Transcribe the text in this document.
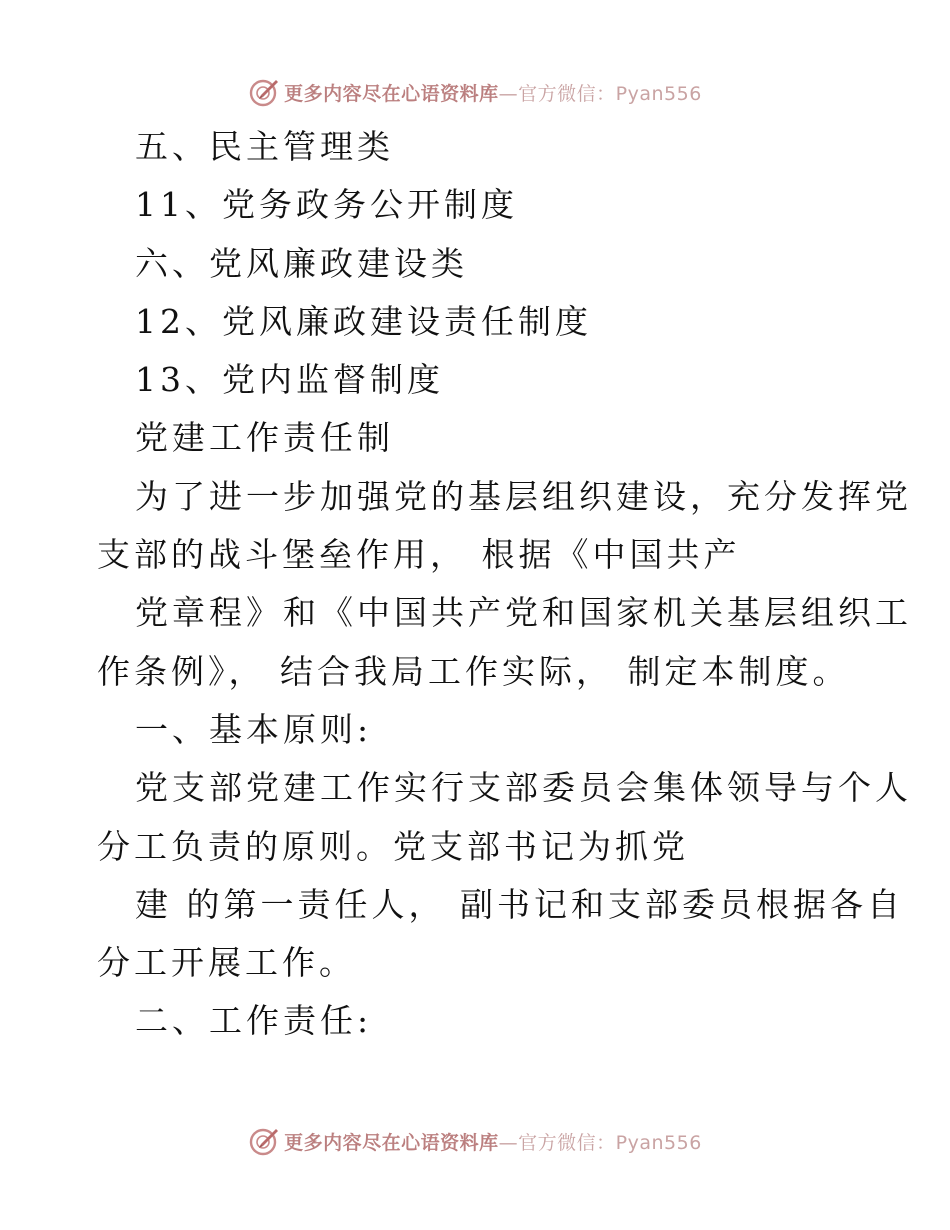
更多内容尽在心语资料库—官方微信：Pyan556

五、民主管理类

11、党务政务公开制度

六、党风廉政建设类

12、党风廉政建设责任制度

13、党内监督制度

党建工作责任制

为了进一步加强党的基层组织建设，充分发挥党

支部的战斗堡垒作用， 根据《中国共产

党章程》和《中国共产党和国家机关基层组织工

作条例》， 结合我局工作实际， 制定本制度。

一、基本原则:

党支部党建工作实行支部委员会集体领导与个人

分工负责的原则。党支部书记为抓党

建 的第一责任人， 副书记和支部委员根据各自

分工开展工作。

二、工作责任:

更多内容尽在心语资料库—官方微信：Pyan556
